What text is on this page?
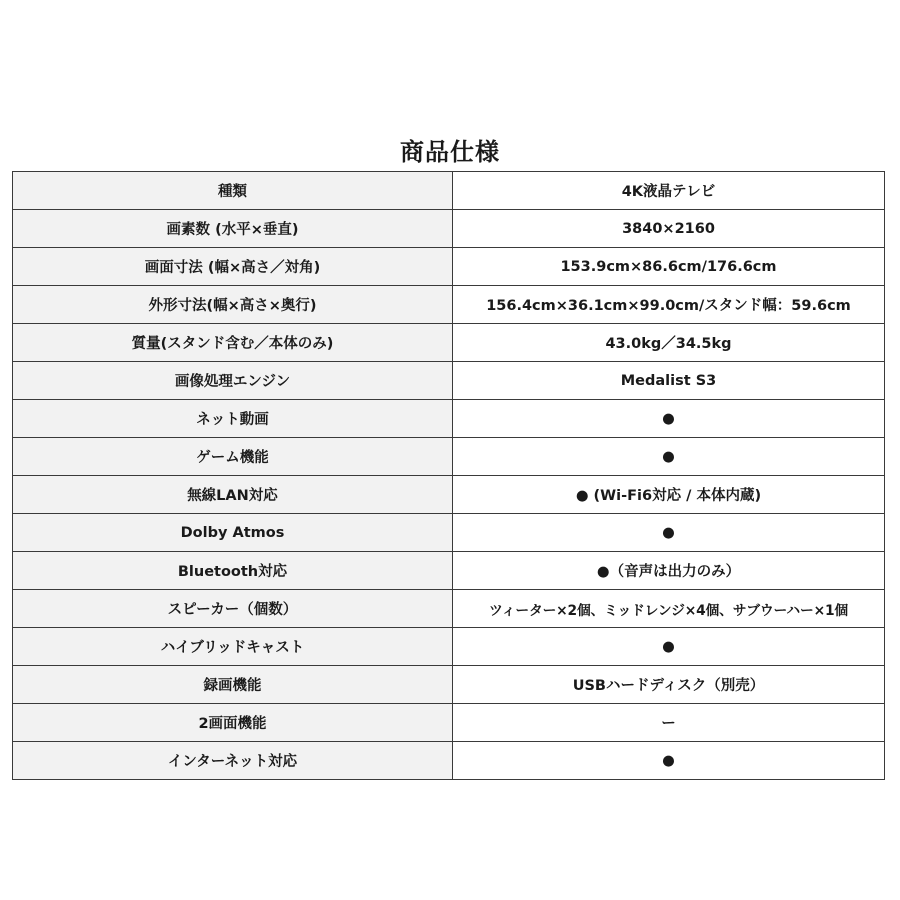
商品仕様
種類	4K液晶テレビ
画素数 (水平×垂直)	3840×2160
画面寸法 (幅×高さ／対角)	153.9cm×86.6cm/176.6cm
外形寸法(幅×高さ×奥行)	156.4cm×36.1cm×99.0cm/スタンド幅：59.6cm
質量(スタンド含む／本体のみ)	43.0kg／34.5kg
画像処理エンジン	Medalist S3
ネット動画	●
ゲーム機能	●
無線LAN対応	● (Wi-Fi6対応 / 本体内蔵)
Dolby Atmos	●
Bluetooth対応	●（音声は出力のみ）
スピーカー（個数）	ツィーター×2個、ミッドレンジ×4個、サブウーハー×1個
ハイブリッドキャスト	●
録画機能	USBハードディスク（別売）
2画面機能	ー
インターネット対応	●
